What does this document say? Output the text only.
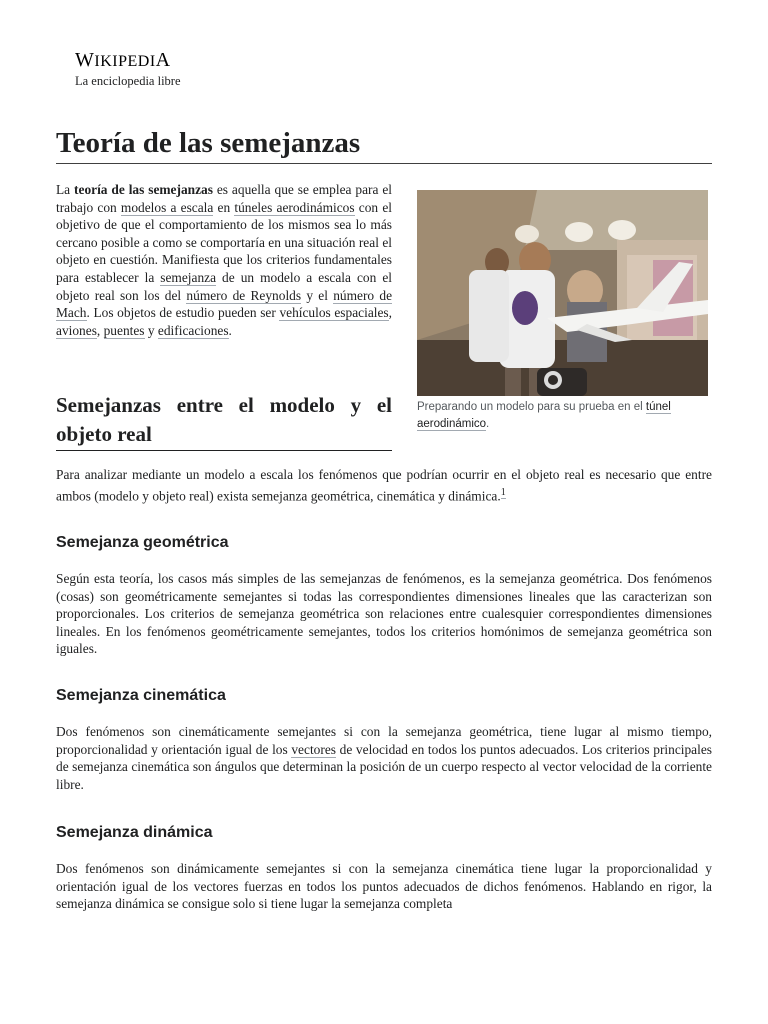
WIKIPEDIA
La enciclopedia libre
Teoría de las semejanzas

La teoría de las semejanzas es aquella que se emplea para el trabajo con modelos a escala en túneles aerodinámicos con el objetivo de que el comportamiento de los mismos sea lo más cercano posible a como se comportaría en una situación real el objeto en cuestión. Manifiesta que los criterios fundamentales para establecer la semejanza de un modelo a escala con el objeto real son los del número de Reynolds y el número de Mach. Los objetos de estudio pueden ser vehículos espaciales, aviones, puentes y edificaciones.

Preparando un modelo para su prueba en el túnel aerodinámico.
Semejanzas entre el modelo y el objeto real

Para analizar mediante un modelo a escala los fenómenos que podrían ocurrir en el objeto real es necesario que entre ambos (modelo y objeto real) exista semejanza geométrica, cinemática y dinámica.$^1$

Semejanza geométrica

Según esta teoría, los casos más simples de las semejanzas de fenómenos, es la semejanza geométrica. Dos fenómenos (cosas) son geométricamente semejantes si todas las correspondientes dimensiones lineales que las caracterizan son proporcionales. Los criterios de semejanza geométrica son relaciones entre cualesquier correspondientes dimensiones lineales. En los fenómenos geométricamente semejantes, todos los criterios homónimos de semejanza geométrica son iguales.

Semejanza cinemática

Dos fenómenos son cinemáticamente semejantes si con la semejanza geométrica, tiene lugar al mismo tiempo, proporcionalidad y orientación igual de los vectores de velocidad en todos los puntos adecuados. Los criterios principales de semejanza cinemática son ángulos que determinan la posición de un cuerpo respecto al vector velocidad de la corriente libre.

Semejanza dinámica

Dos fenómenos son dinámicamente semejantes si con la semejanza cinemática tiene lugar la proporcionalidad y orientación igual de los vectores fuerzas en todos los puntos adecuados de dichos fenómenos. Hablando en rigor, la semejanza dinámica se consigue solo si tiene lugar la semejanza completa
